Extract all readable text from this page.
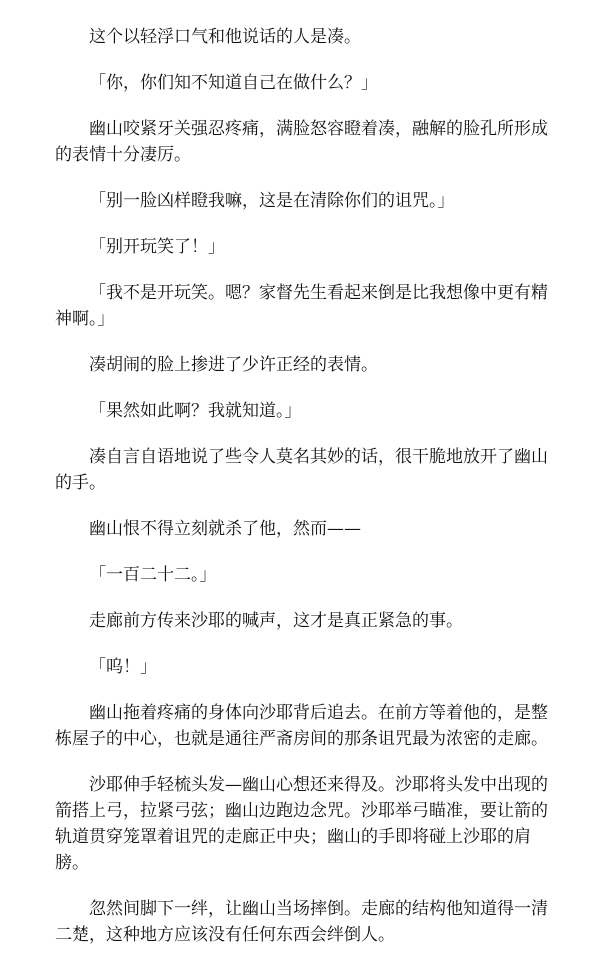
这个以轻浮口气和他说话的人是凑。

「你，你们知不知道自己在做什么？」

幽山咬紧牙关强忍疼痛，满脸怒容瞪着凑，融解的脸孔所形成的表情十分凄厉。

「别一脸凶样瞪我嘛，这是在清除你们的诅咒。」

「别开玩笑了！」

「我不是开玩笑。嗯？家督先生看起来倒是比我想像中更有精神啊。」

凑胡闹的脸上掺进了少许正经的表情。

「果然如此啊？我就知道。」

凑自言自语地说了些令人莫名其妙的话，很干脆地放开了幽山的手。

幽山恨不得立刻就杀了他，然而——

「一百二十二。」

走廊前方传来沙耶的喊声，这才是真正紧急的事。

「呜！」

幽山拖着疼痛的身体向沙耶背后追去。在前方等着他的，是整栋屋子的中心，也就是通往严斋房间的那条诅咒最为浓密的走廊。

沙耶伸手轻梳头发—幽山心想还来得及。沙耶将头发中出现的箭搭上弓，拉紧弓弦；幽山边跑边念咒。沙耶举弓瞄准，要让箭的轨道贯穿笼罩着诅咒的走廊正中央；幽山的手即将碰上沙耶的肩膀。

忽然间脚下一绊，让幽山当场摔倒。走廊的结构他知道得一清二楚，这种地方应该没有任何东西会绊倒人。
